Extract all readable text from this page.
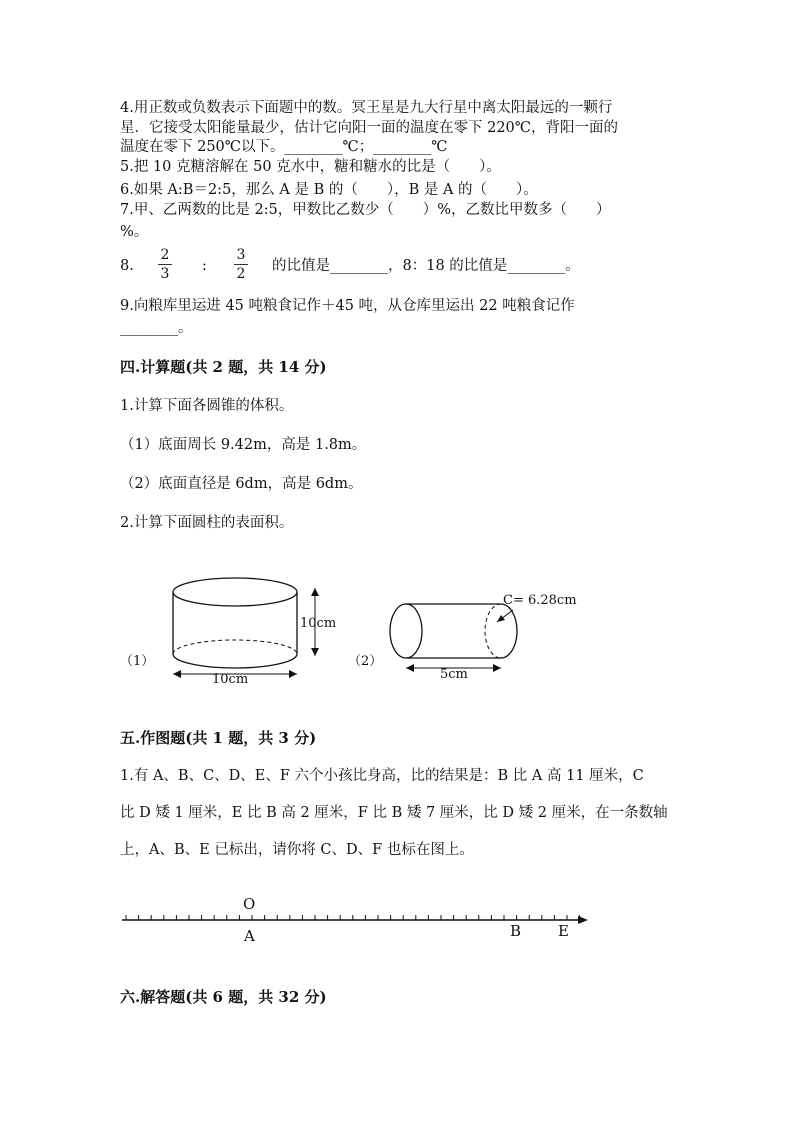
4.用正数或负数表示下面题中的数。冥王星是九大行星中离太阳最远的一颗行
星．它接受太阳能量最少，估计它向阳一面的温度在零下 220℃，背阳一面的
温度在零下 250℃以下。________℃；________℃
5.把 10 克糖溶解在 50 克水中，糖和糖水的比是（　　）。
6.如果 A:B＝2:5，那么 A 是 B 的（　　），B 是 A 的（　　）。
7.甲、乙两数的比是 2:5，甲数比乙数少（　　）%，乙数比甲数多（　　）
%。
8.
2
3 :
3
2 的比值是________，8：18 的比值是________。
9.向粮库里运进 45 吨粮食记作＋45 吨，从仓库里运出 22 吨粮食记作
________。
四.计算题(共 2 题，共 14 分)
1.计算下面各圆锥的体积。
（1）底面周长 9.42m，高是 1.8m。
（2）底面直径是 6dm，高是 6dm。
2.计算下面圆柱的表面积。
（1）
10cm
10cm
（2）
C= 6.28cm
5cm
五.作图题(共 1 题，共 3 分)
1.有 A、B、C、D、E、F 六个小孩比身高，比的结果是：B 比 A 高 11 厘米，C
比 D 矮 1 厘米，E 比 B 高 2 厘米，F 比 B 矮 7 厘米，比 D 矮 2 厘米，在一条数轴
上，A、B、E 已标出，请你将 C、D、F 也标在图上。
O
A	B E
六.解答题(共 6 题，共 32 分)
